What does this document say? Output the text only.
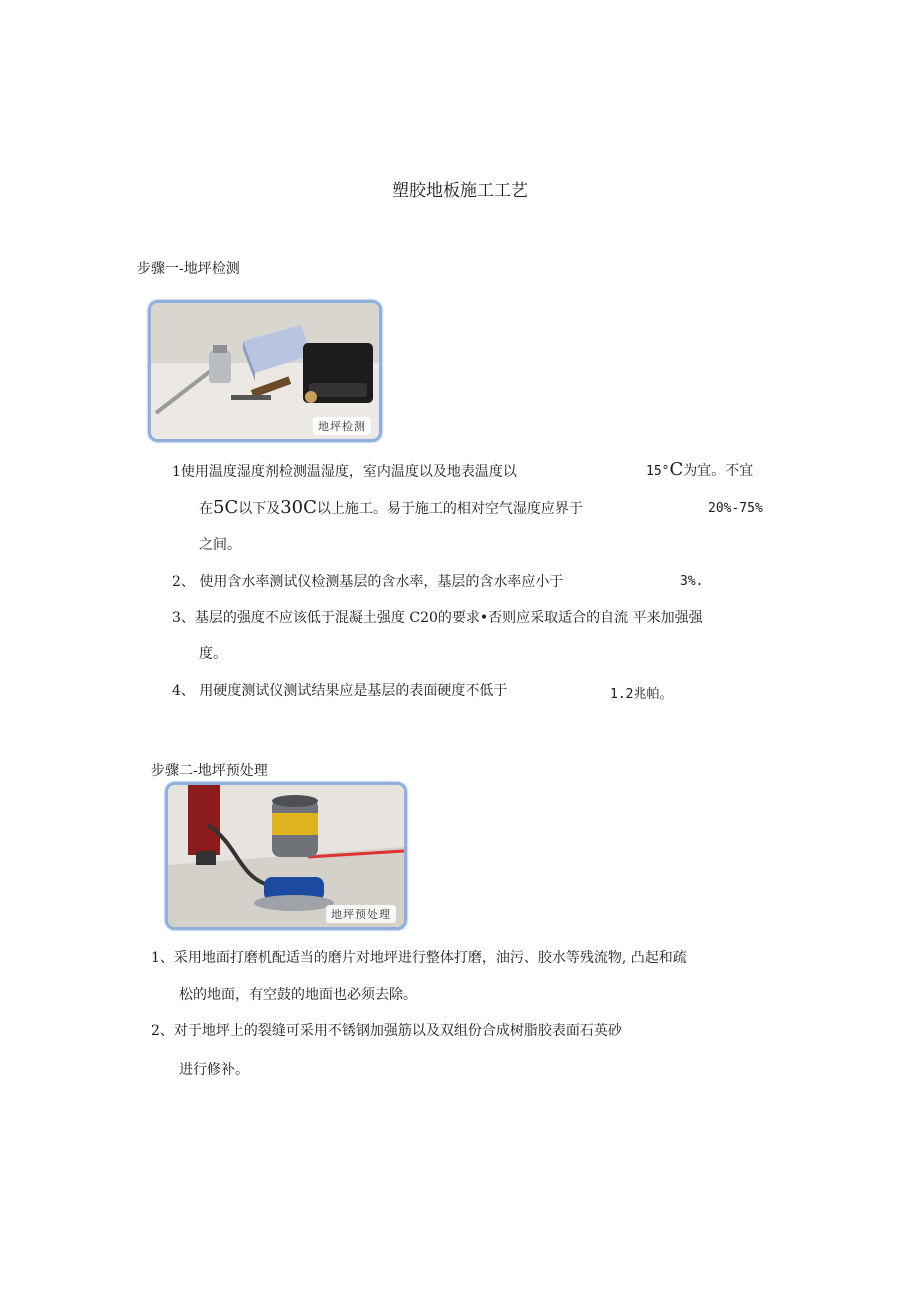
塑胶地板施工工艺
步骤一-地坪检测
地坪检测
1使用温度湿度剂检测温湿度，室内温度以及地表温度以	15°C为宜。不宜
在5C以下及30C以上施工。易于施工的相对空气湿度应界于	20%-75%
之间。
2、 使用含水率测试仪检测基层的含水率，基层的含水率应小于	3%.
3、基层的强度不应该低于混凝土强度 C20的要求•否则应采取适合的自流 平来加强强
度。
4、 用硬度测试仪测试结果应是基层的表面硬度不低于	1.2兆帕。
步骤二-地坪预处理
地坪预处理
1、采用地面打磨机配适当的磨片对地坪进行整体打磨，油污、胶水等残流物, 凸起和疏
松的地面，有空鼓的地面也必须去除。
2、对于地坪上的裂缝可采用不锈钢加强筋以及双组份合成树脂胶表面石英砂
进行修补。
